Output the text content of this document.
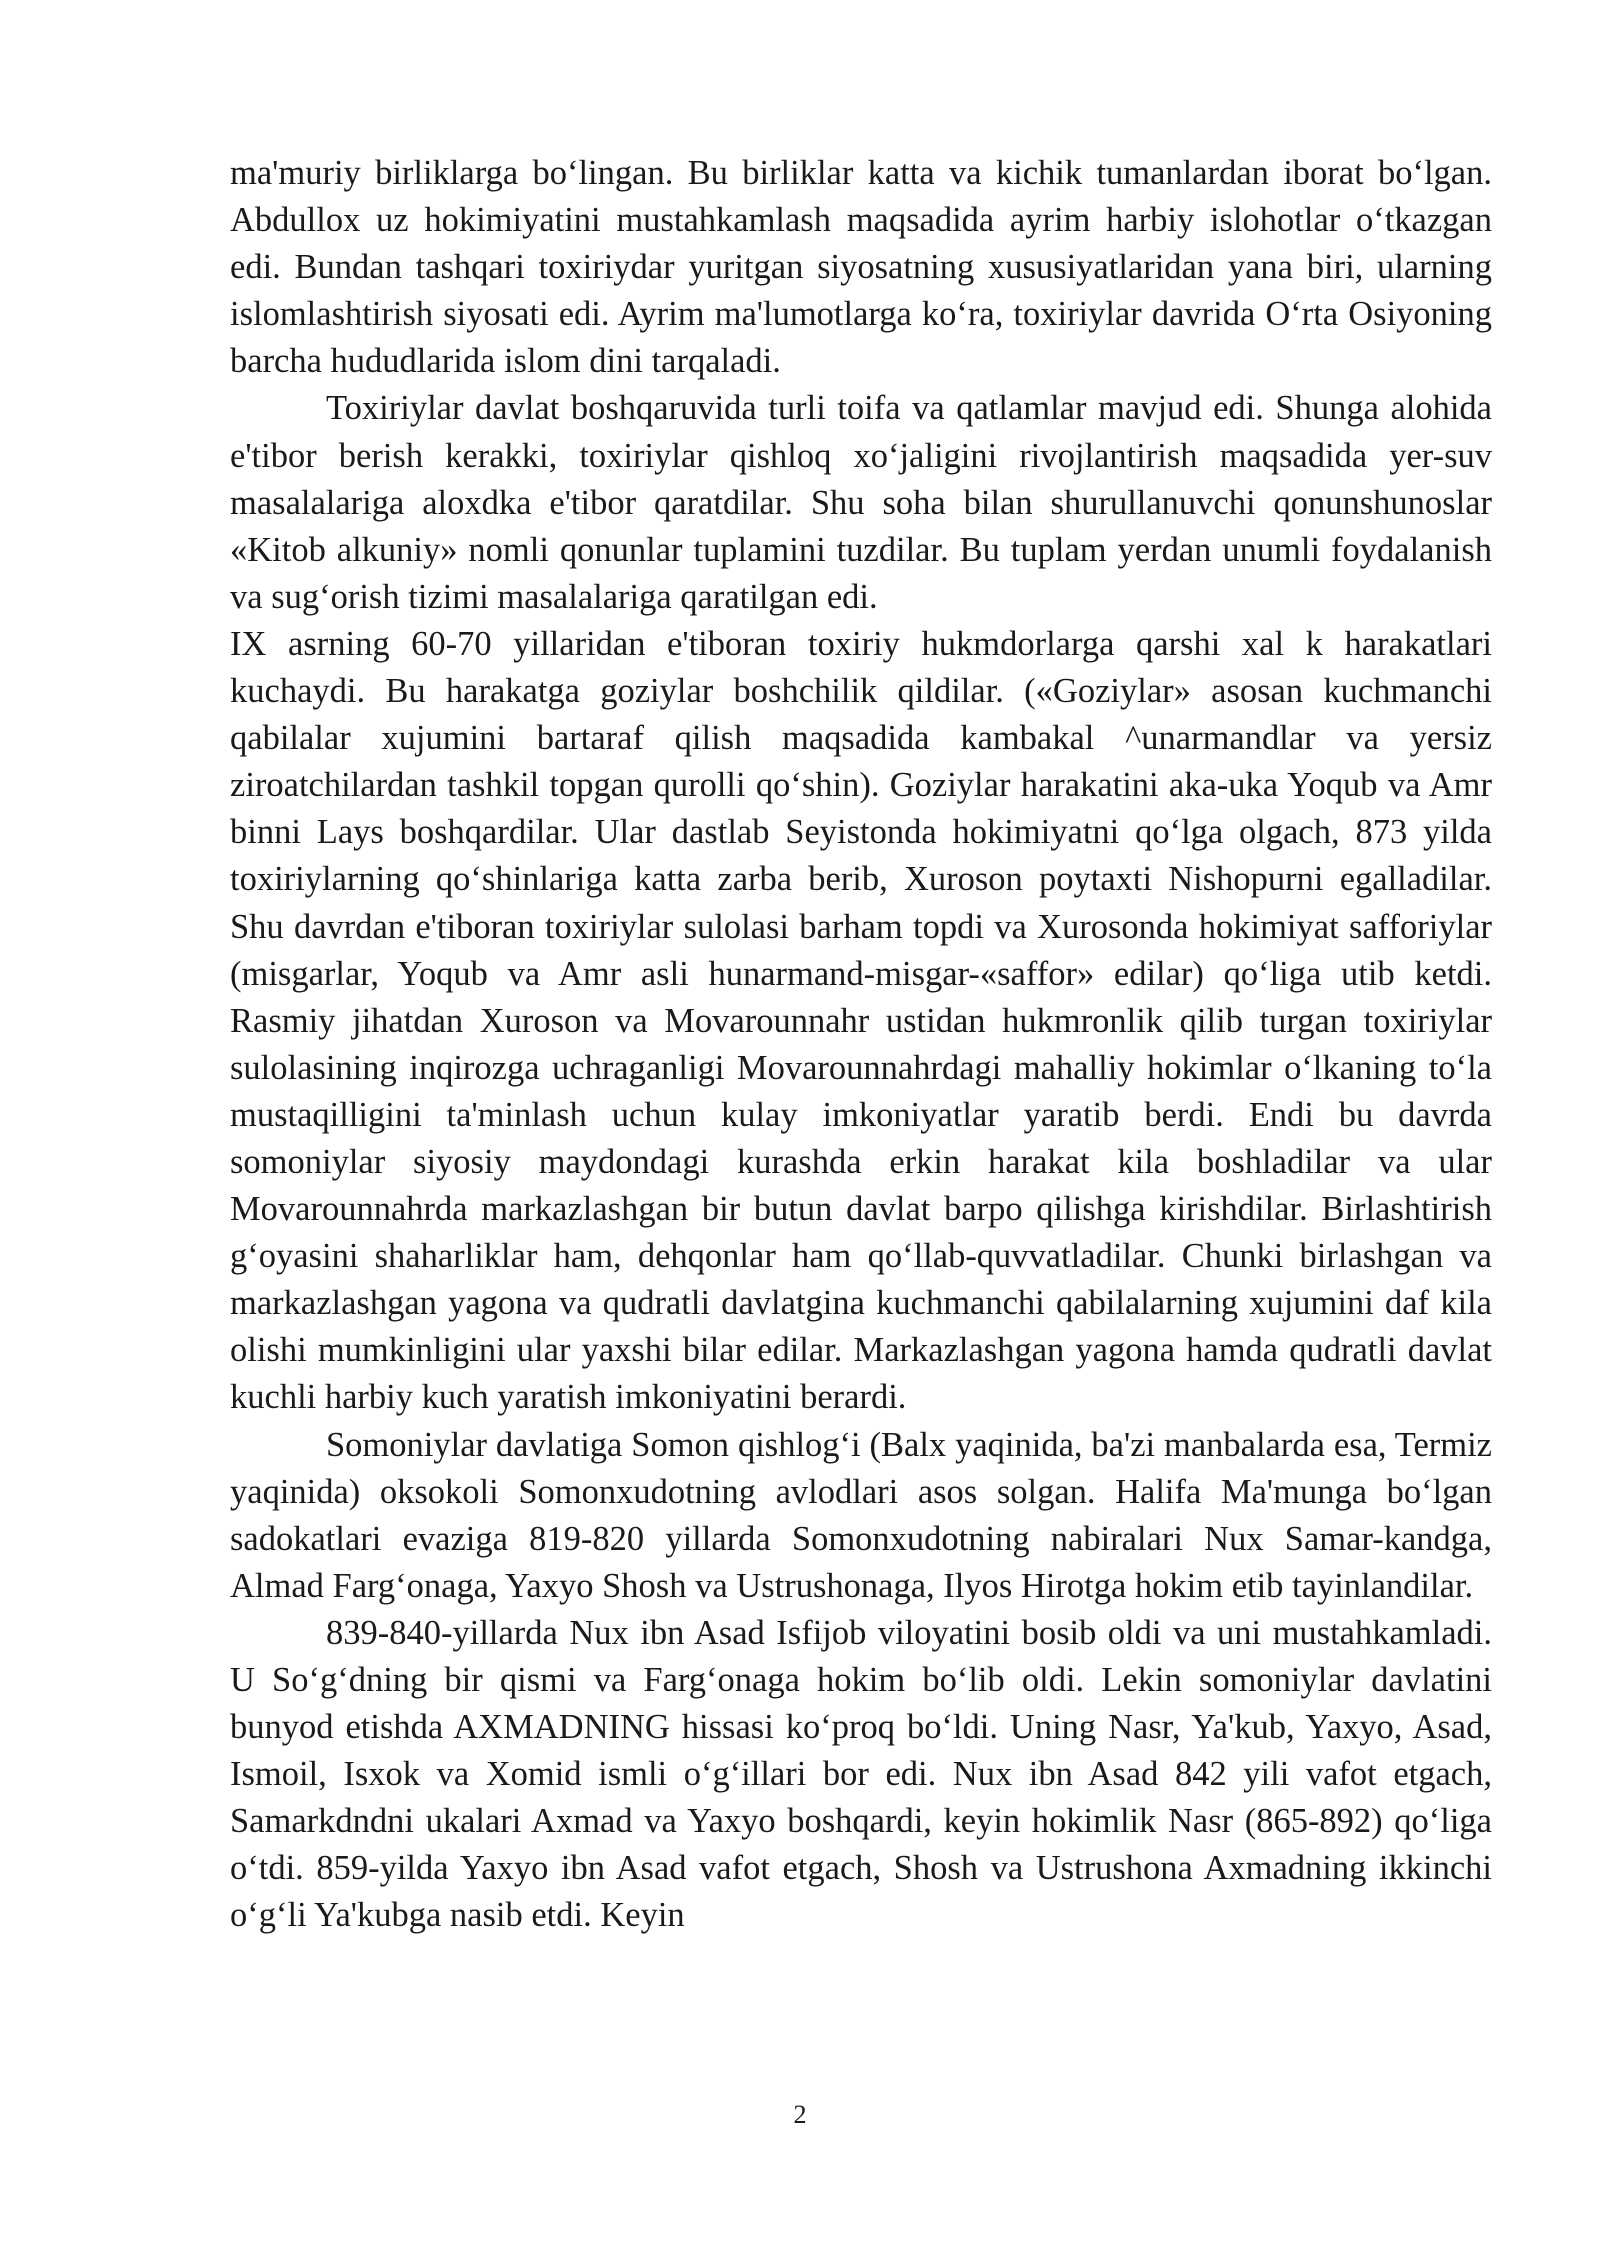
ma'muriy birliklarga bo‘lingan. Bu birliklar katta va kichik tumanlardan iborat bo‘lgan. Abdullox uz hokimiyatini mustahkamlash maqsadida ayrim harbiy islohotlar o‘tkazgan edi. Bundan tashqari toxiriydar yuritgan siyosatning xususiyatlaridan yana biri, ularning islomlashtirish siyosati edi. Ayrim ma'lumotlarga ko‘ra, toxiriylar davrida O‘rta Osiyoning barcha hududlarida islom dini tarqaladi.

Toxiriylar davlat boshqaruvida turli toifa va qatlamlar mavjud edi. Shunga alohida e'tibor berish kerakki, toxiriylar qishloq xo‘jaligini rivojlantirish maqsadida yer-suv masalalariga aloxdka e'tibor qaratdilar. Shu soha bilan shurullanuvchi qonunshunoslar «Kitob alkuniy» nomli qonunlar tuplamini tuzdilar. Bu tuplam yerdan unumli foydalanish va sug‘orish tizimi masalalariga qaratilgan edi.

IX asrning 60-70 yillaridan e'tiboran toxiriy hukmdorlarga qarshi xal k harakatlari kuchaydi. Bu harakatga goziylar boshchilik qildilar. («Goziylar» asosan kuchmanchi qabilalar xujumini bartaraf qilish maqsadida kambakal ^unarmandlar va yersiz ziroatchilardan tashkil topgan qurolli qo‘shin). Goziylar harakatini aka-uka Yoqub va Amr binni Lays boshqardilar. Ular dastlab Seyistonda hokimiyatni qo‘lga olgach, 873 yilda toxiriylarning qo‘shinlariga katta zarba berib, Xuroson poytaxti Nishopurni egalladilar. Shu davrdan e'tiboran toxiriylar sulolasi barham topdi va Xurosonda hokimiyat safforiylar (misgarlar, Yoqub va Amr asli hunarmand-misgar-«saffor» edilar) qo‘liga utib ketdi. Rasmiy jihatdan Xuroson va Movarounnahr ustidan hukmronlik qilib turgan toxiriylar sulolasining inqirozga uchraganligi Movarounnahrdagi mahalliy hokimlar o‘lkaning to‘la mustaqilligini ta'minlash uchun kulay imkoniyatlar yaratib berdi. Endi bu davrda somoniylar siyosiy maydondagi kurashda erkin harakat kila boshladilar va ular Movarounnahrda markazlashgan bir butun davlat barpo qilishga kirishdilar. Birlashtirish g‘oyasini shaharliklar ham, dehqonlar ham qo‘llab-quvvatladilar. Chunki birlashgan va markazlashgan yagona va qudratli davlatgina kuchmanchi qabilalarning xujumini daf kila olishi mumkinligini ular yaxshi bilar edilar. Markazlashgan yagona hamda qudratli davlat kuchli harbiy kuch yaratish imkoniyatini berardi.

Somoniylar davlatiga Somon qishlog‘i (Balx yaqinida, ba'zi manbalarda esa, Termiz yaqinida) oksokoli Somonxudotning avlodlari asos solgan. Halifa Ma'munga bo‘lgan sadokatlari evaziga 819-820 yillarda Somonxudotning nabiralari Nux Samar-kandga, Almad Farg‘onaga, Yaxyo Shosh va Ustrushonaga, Ilyos Hirotga hokim etib tayinlandilar.

839-840-yillarda Nux ibn Asad Isfijob viloyatini bosib oldi va uni mustahkamladi. U So‘g‘dning bir qismi va Farg‘onaga hokim bo‘lib oldi. Lekin somoniylar davlatini bunyod etishda AXMADNING hissasi ko‘proq bo‘ldi. Uning Nasr, Ya'kub, Yaxyo, Asad, Ismoil, Isxok va Xomid ismli o‘g‘illari bor edi. Nux ibn Asad 842 yili vafot etgach, Samarkdndni ukalari Axmad va Yaxyo boshqardi, keyin hokimlik Nasr (865-892) qo‘liga o‘tdi. 859-yilda Yaxyo ibn Asad vafot etgach, Shosh va Ustrushona Axmadning ikkinchi o‘g‘li Ya'kubga nasib etdi. Keyin

2
